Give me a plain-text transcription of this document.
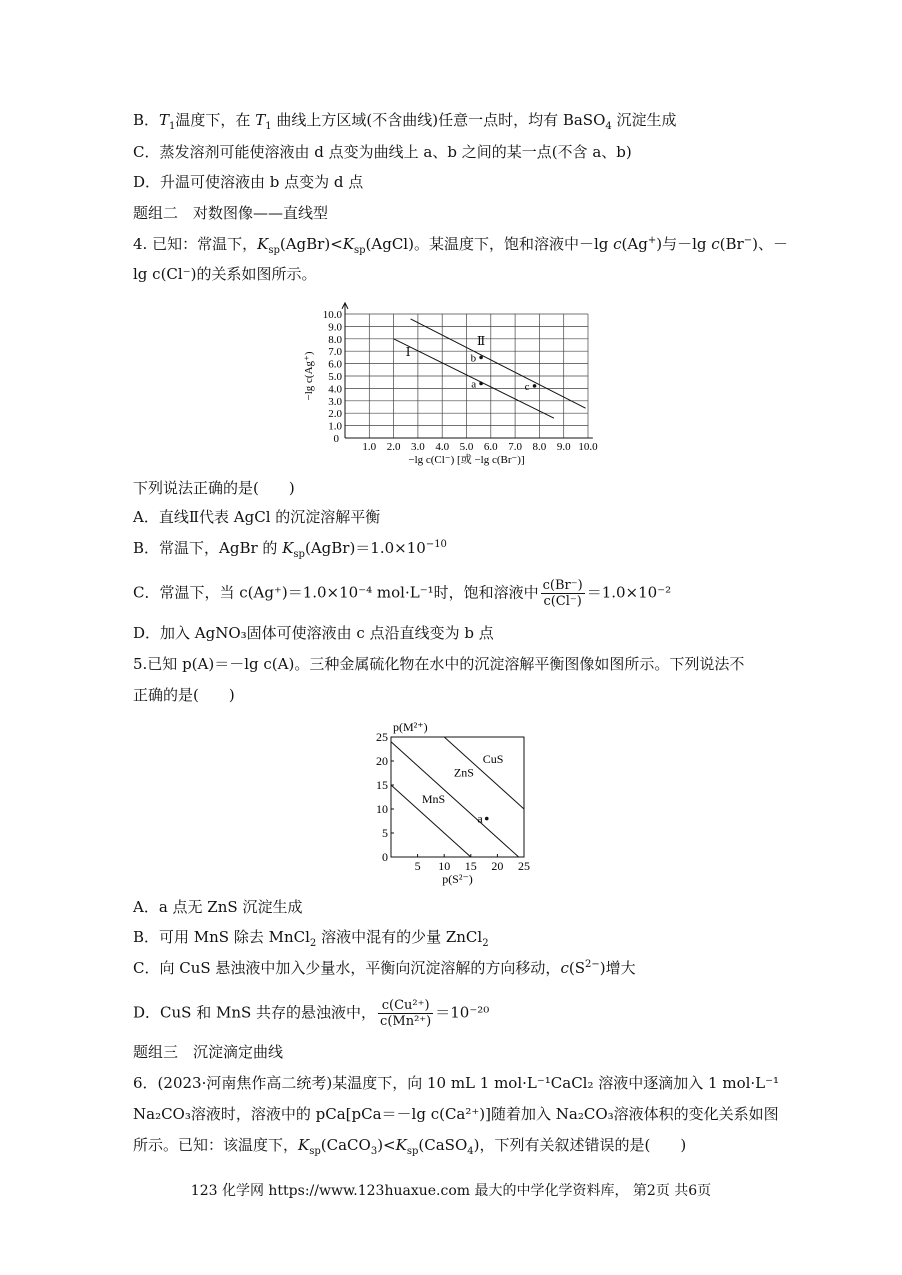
B．$T_1$温度下，在 $T_1$ 曲线上方区域(不含曲线)任意一点时，均有 BaSO$_4$ 沉淀生成
C．蒸发溶剂可能使溶液由 d 点变为曲线上 a、b 之间的某一点(不含 a、b)
D．升温可使溶液由 b 点变为 d 点
题组二　对数图像——直线型
4. 已知：常温下，$K_{sp}(AgBr)<K_{sp}(AgCl)$。某温度下，饱和溶液中－lg c(Ag+)与－lg c(Br−)、－
lg c(Cl⁻)的关系如图所示。
1.0 2.0 3.0 4.0 5.0 6.0 7.0 8.0 9.0 10.0
0
1.0
2.0
3.0
4.0
5.0
6.0
7.0
8.0
9.0
10.0
−lg c(Cl⁻) [或 −lg c(Br⁻)]
−lg c(Ag⁺)	Ⅰ
Ⅱ
a
b
c
下列说法正确的是(　　)
A．直线Ⅱ代表 AgCl 的沉淀溶解平衡
B．常温下，AgBr 的 $K_{sp}(AgBr)=1.0\times 10^{-10}$
C．常温下，当 c(Ag⁺)＝1.0×10⁻⁴ mol·L⁻¹时，饱和溶液中 $\frac{c(Br^-)}{c(Cl^-)} =1.0\times 10^{-2}$
D．加入 AgNO₃固体可使溶液由 c 点沿直线变为 b 点
5.已知 p(A)＝－lg c(A)。三种金属硫化物在水中的沉淀溶解平衡图像如图所示。下列说法不
正确的是(　　)
5 10 15 20 25
0
5
10
15
20
25
p(M²⁺)
p(S²⁻)
MnS
ZnS
CuS
a
A．a 点无 ZnS 沉淀生成
B．可用 MnS 除去 MnCl$_2$ 溶液中混有的少量 ZnCl$_2$
C．向 CuS 悬浊液中加入少量水，平衡向沉淀溶解的方向移动，$c(S^{2-})$增大
D．CuS 和 MnS 共存的悬浊液中， $\frac{\text{c(Cu²⁺)}}{\text{c(Mn²⁺)}} =10^{-20}$
题组三　沉淀滴定曲线
6．(2023·河南焦作高二统考)某温度下，向 10 mL 1 mol·L⁻¹CaCl₂ 溶液中逐滴加入 1 mol·L⁻¹
Na₂CO₃溶液时，溶液中的 pCa[pCa＝－lg c(Ca²⁺)]随着加入 Na₂CO₃溶液体积的变化关系如图
所示。已知：该温度下，$K_{sp}(CaCO_3)<K_{sp}(CaSO_4)$，下列有关叙述错误的是(　　)
123 化学网 https://www.123huaxue.com 最大的中学化学资料库， 第2页 共6页
